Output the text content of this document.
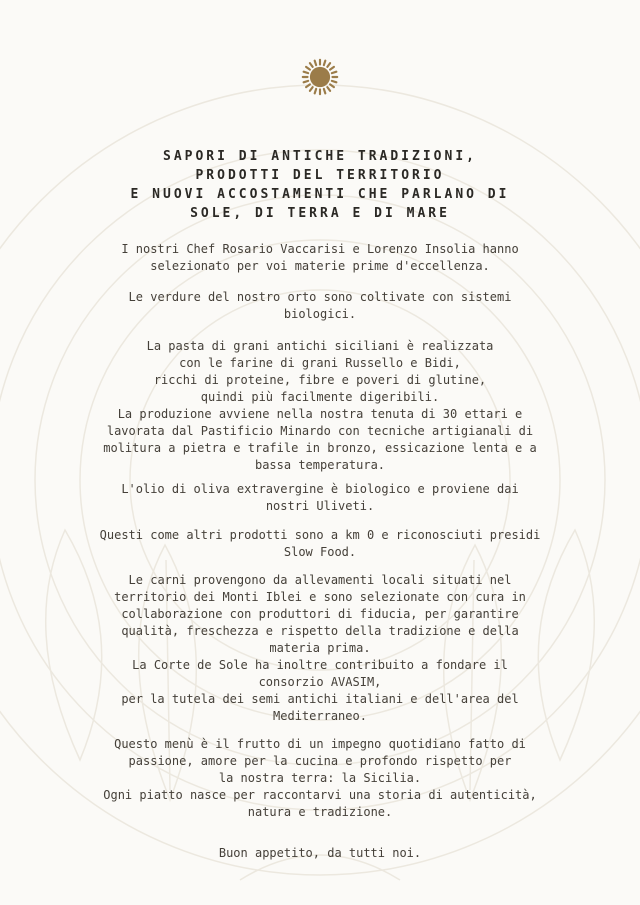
SAPORI DI ANTICHE TRADIZIONI,
PRODOTTI DEL TERRITORIO
E NUOVI ACCOSTAMENTI CHE PARLANO DI
SOLE, DI TERRA E DI MARE
I nostri Chef Rosario Vaccarisi e Lorenzo Insolia hanno
selezionato per voi materie prime d'eccellenza.
Le verdure del nostro orto sono coltivate con sistemi
biologici.
La pasta di grani antichi siciliani è realizzata
con le farine di grani Russello e Bidi,
ricchi di proteine, fibre e poveri di glutine,
quindi più facilmente digeribili.
La produzione avviene nella nostra tenuta di 30 ettari e
lavorata dal Pastificio Minardo con tecniche artigianali di
molitura a pietra e trafile in bronzo, essicazione lenta e a
bassa temperatura.
L'olio di oliva extravergine è biologico e proviene dai
nostri Uliveti.
Questi come altri prodotti sono a km 0 e riconosciuti presidi
Slow Food.
Le carni provengono da allevamenti locali situati nel
territorio dei Monti Iblei e sono selezionate con cura in
collaborazione con produttori di fiducia, per garantire
qualità, freschezza e rispetto della tradizione e della
materia prima.
La Corte de Sole ha inoltre contribuito a fondare il
consorzio AVASIM,
per la tutela dei semi antichi italiani e dell'area del
Mediterraneo.
Questo menù è il frutto di un impegno quotidiano fatto di
passione, amore per la cucina e profondo rispetto per
la nostra terra: la Sicilia.
Ogni piatto nasce per raccontarvi una storia di autenticità,
natura e tradizione.
Buon appetito, da tutti noi.
